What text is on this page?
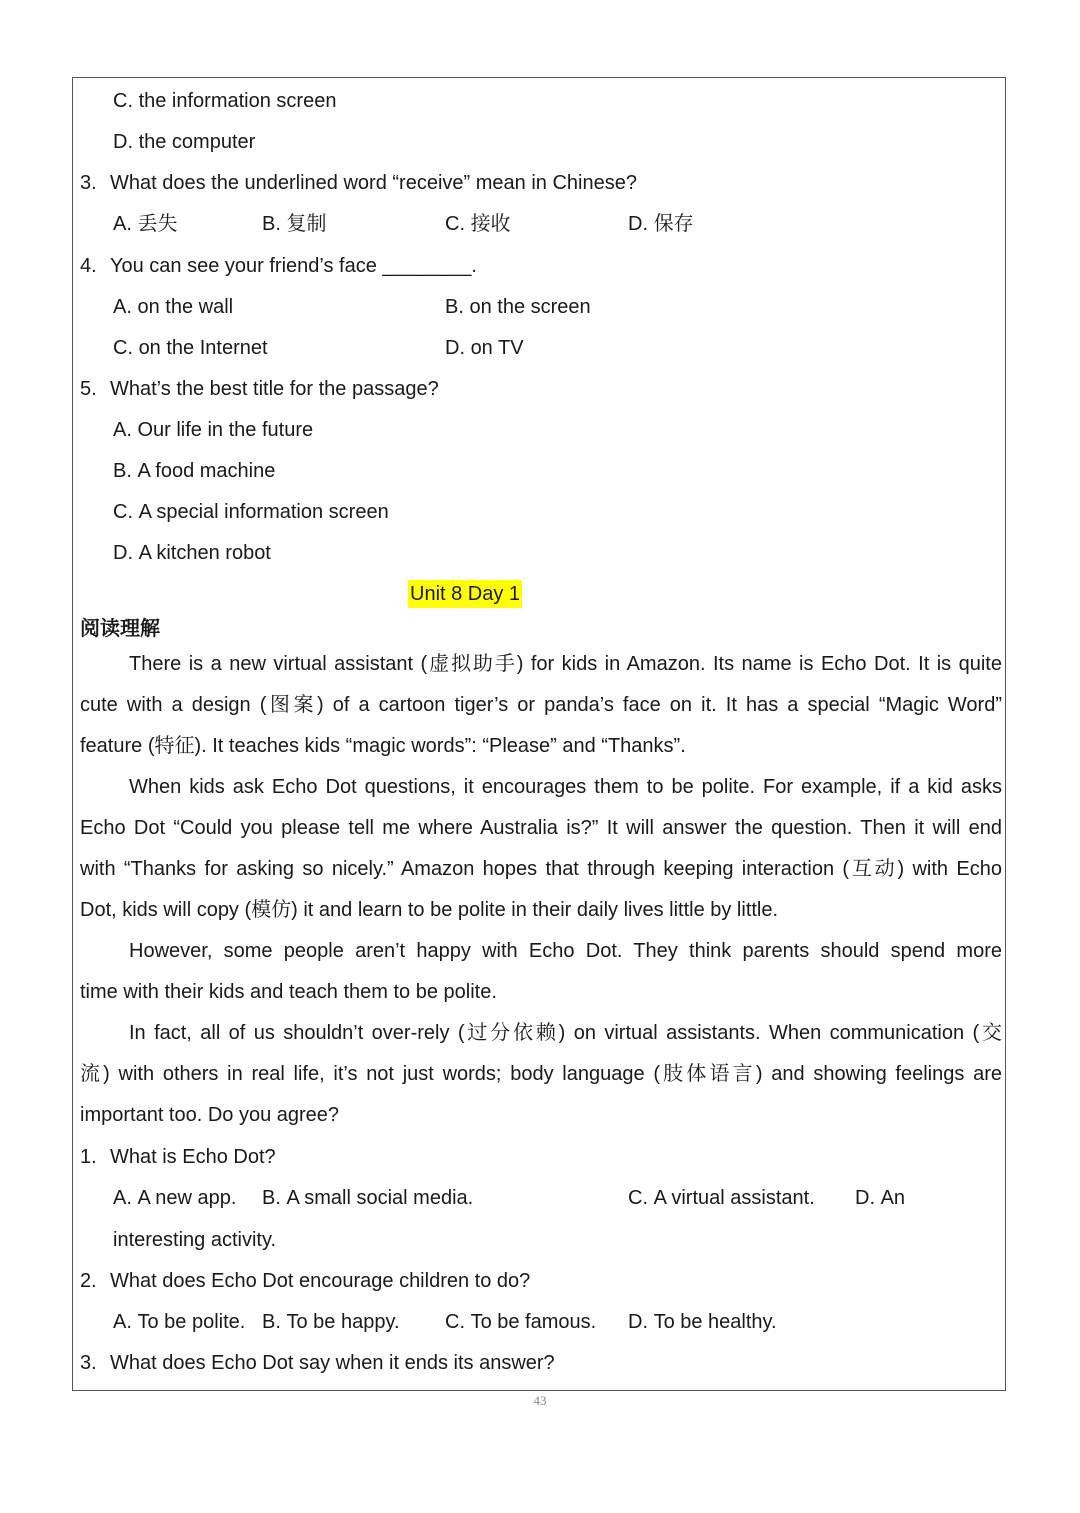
C. the information screen
D. the computer
3. What does the underlined word “receive” mean in Chinese?
A. 丢失	B. 复制	C. 接收	D. 保存
4. You can see your friend’s face ________.
A. on the wall	B. on the screen
C. on the Internet	D. on TV
5. What’s the best title for the passage?
A. Our life in the future
B. A food machine
C. A special information screen
D. A kitchen robot
Unit 8 Day 1
阅读理解
There is a new virtual assistant (虚拟助手) for kids in Amazon. Its name is Echo Dot. It is quite
cute with a design (图案) of a cartoon tiger’s or panda’s face on it. It has a special “Magic Word”
feature (特征). It teaches kids “magic words”: “Please” and “Thanks”.
When kids ask Echo Dot questions, it encourages them to be polite. For example, if a kid asks
Echo Dot “Could you please tell me where Australia is?” It will answer the question. Then it will end
with “Thanks for asking so nicely.” Amazon hopes that through keeping interaction (互动) with Echo
Dot, kids will copy (模仿) it and learn to be polite in their daily lives little by little.
However, some people aren’t happy with Echo Dot. They think parents should spend more
time with their kids and teach them to be polite.
In fact, all of us shouldn’t over-rely (过分依赖) on virtual assistants. When communication (交
流) with others in real life, it’s not just words; body language (肢体语言) and showing feelings are
important too. Do you agree?
1. What is Echo Dot?
A. A new app. B. A small social media.	C. A virtual assistant. D. An
interesting activity.
2. What does Echo Dot encourage children to do?
A. To be polite. B. To be happy. C. To be famous. D. To be healthy.
3. What does Echo Dot say when it ends its answer?
43
